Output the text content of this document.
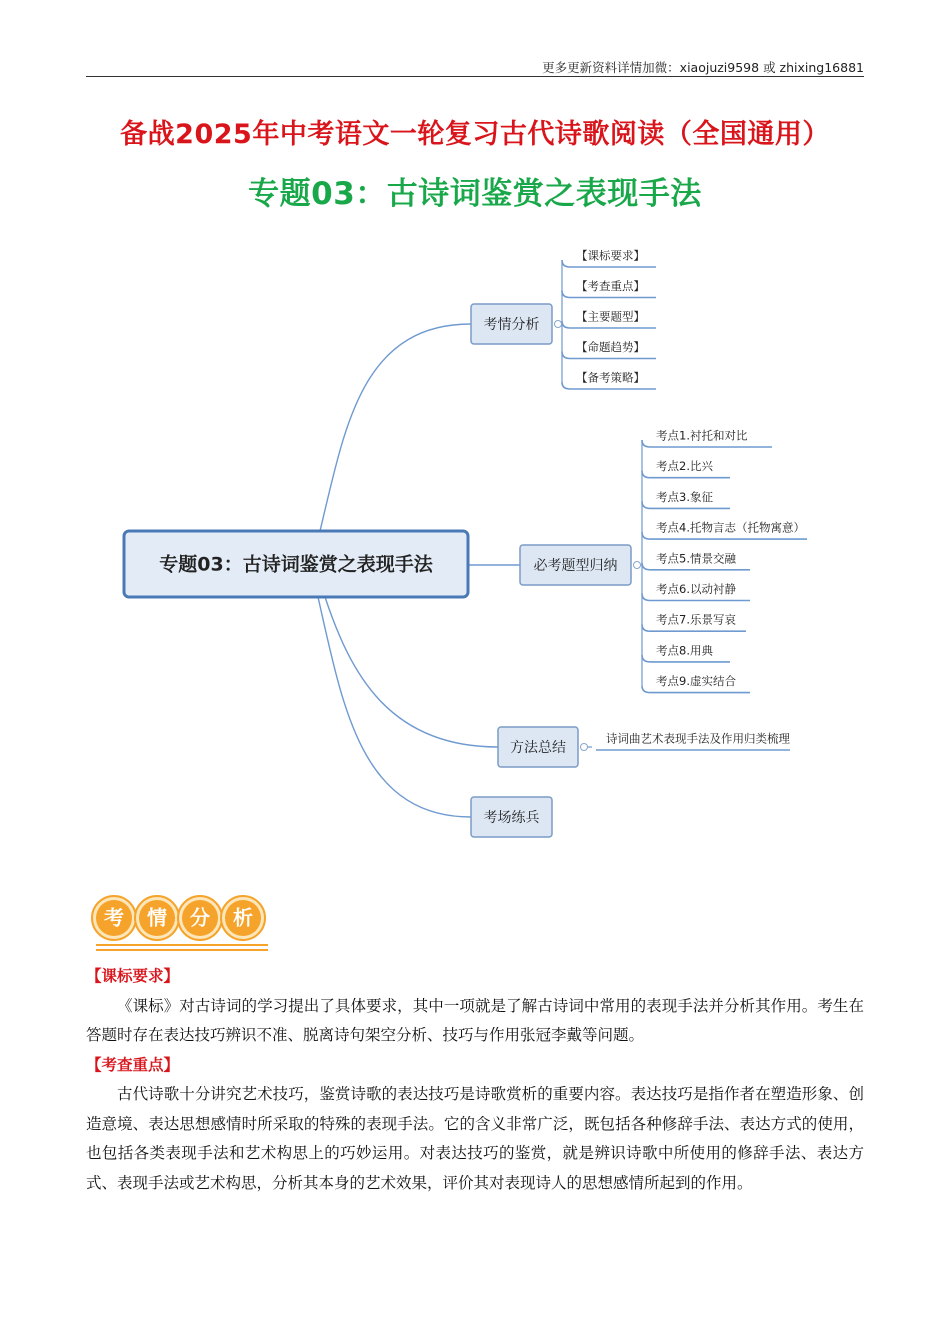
更多更新资料详情加微：xiaojuzi9598 或 zhixing16881
备战2025年中考语文一轮复习古代诗歌阅读（全国通用）
专题03：古诗词鉴赏之表现手法
专题03：古诗词鉴赏之表现手法
考情分析
【课标要求】
【考查重点】
【主要题型】
【命题趋势】
【备考策略】
必考题型归纳
考点1.衬托和对比
考点2.比兴
考点3.象征
考点4.托物言志（托物寓意）
考点5.情景交融
考点6.以动衬静
考点7.乐景写哀
考点8.用典
考点9.虚实结合
方法总结
诗词曲艺术表现手法及作用归类梳理
考场练兵
考 情 分 析
【课标要求】

《课标》对古诗词的学习提出了具体要求，其中一项就是了解古诗词中常用的表现手法并分析其作用。考生在答题时存在表达技巧辨识不准、脱离诗句架空分析、技巧与作用张冠李戴等问题。

【考查重点】

古代诗歌十分讲究艺术技巧，鉴赏诗歌的表达技巧是诗歌赏析的重要内容。表达技巧是指作者在塑造形象、创造意境、表达思想感情时所采取的特殊的表现手法。它的含义非常广泛，既包括各种修辞手法、表达方式的使用，也包括各类表现手法和艺术构思上的巧妙运用。对表达技巧的鉴赏，就是辨识诗歌中所使用的修辞手法、表达方式、表现手法或艺术构思，分析其本身的艺术效果，评价其对表现诗人的思想感情所起到的作用。
